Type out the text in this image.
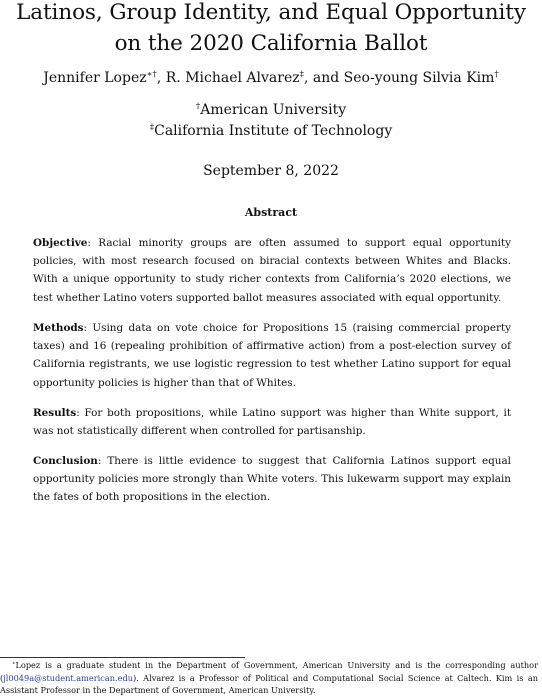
Latinos, Group Identity, and Equal Opportunity
on the 2020 California Ballot
Jennifer Lopez∗†, R. Michael Alvarez‡, and Seo-young Silvia Kim†
†American University
‡California Institute of Technology
September 8, 2022
Abstract
Objective: Racial minority groups are often assumed to support equal opportunity policies, with most research focused on biracial contexts between Whites and Blacks. With a unique opportunity to study richer contexts from California’s 2020 elections, we test whether Latino voters supported ballot measures associated with equal opportunity.
Methods: Using data on vote choice for Propositions 15 (raising commercial property taxes) and 16 (repealing prohibition of affirmative action) from a post-election survey of California registrants, we use logistic regression to test whether Latino support for equal opportunity policies is higher than that of Whites.
Results: For both propositions, while Latino support was higher than White support, it was not statistically different when controlled for partisanship.
Conclusion: There is little evidence to suggest that California Latinos support equal opportunity policies more strongly than White voters. This lukewarm support may explain the fates of both propositions in the election.
∗Lopez is a graduate student in the Department of Government, American University and is the corresponding author (jl0049a@student.american.edu). Alvarez is a Professor of Political and Computational Social Science at Caltech. Kim is an Assistant Professor in the Department of Government, American University.
